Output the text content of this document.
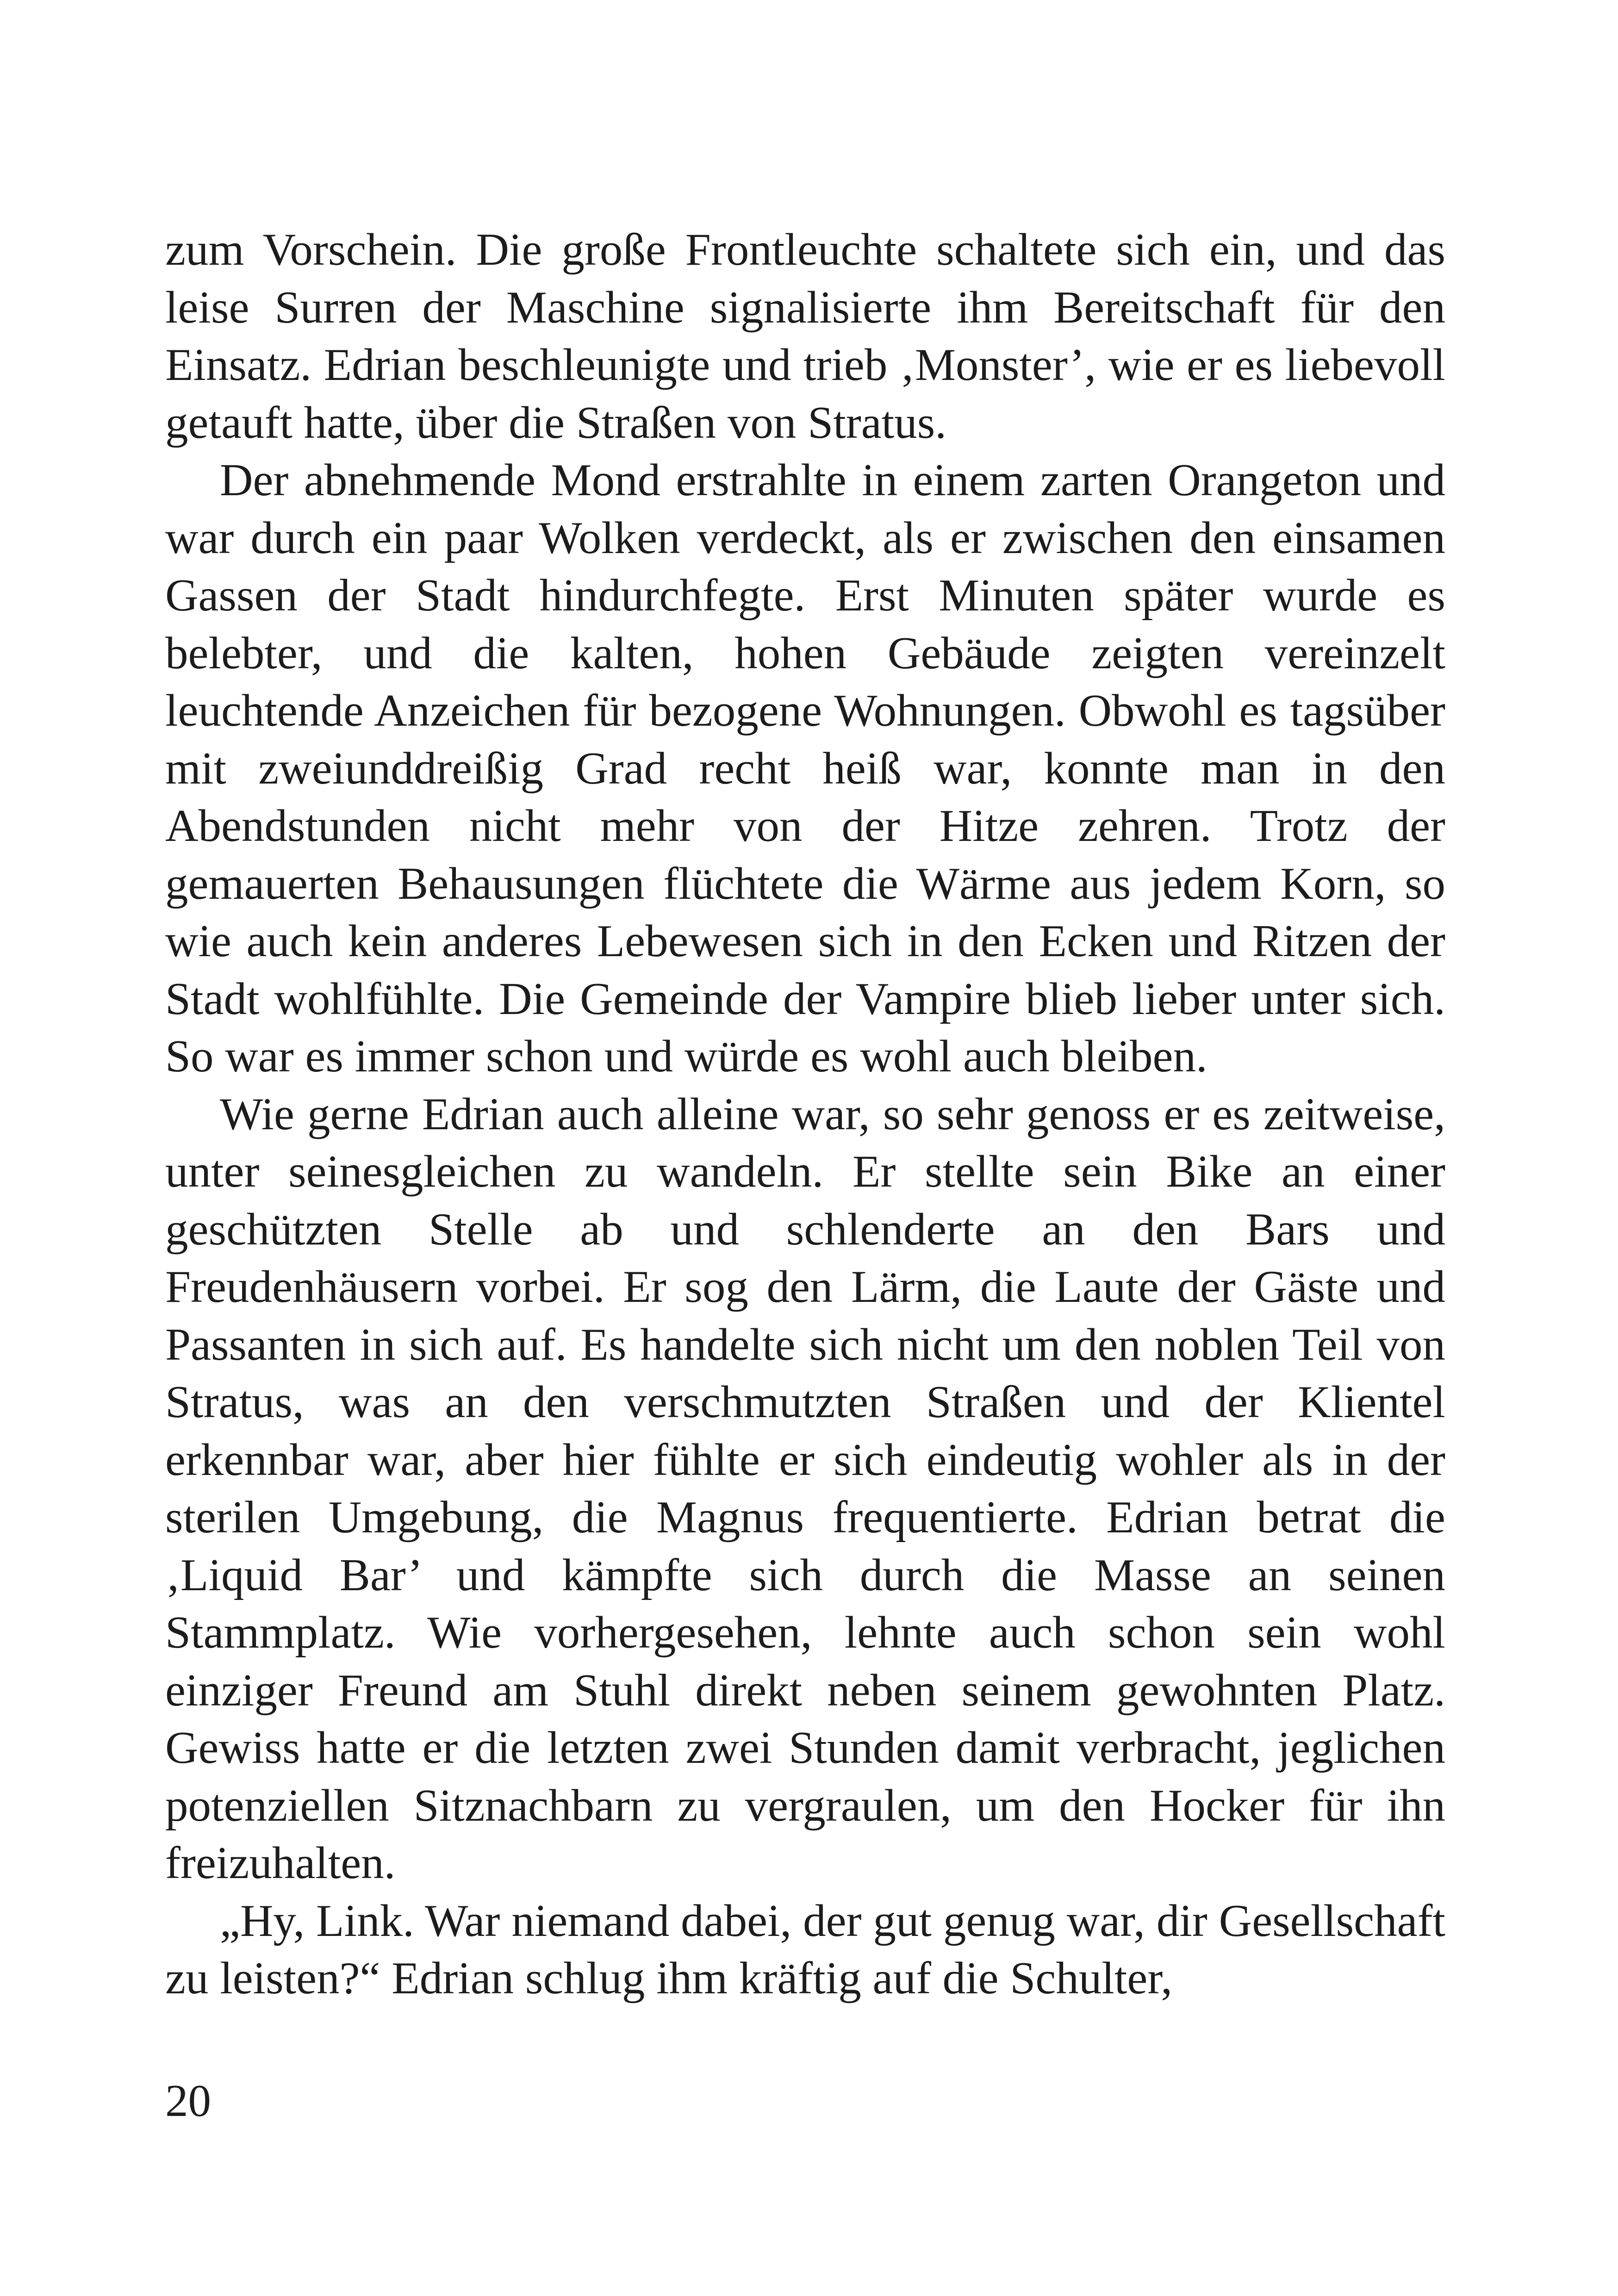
zum Vorschein. Die große Frontleuchte schaltete sich ein, und das leise Surren der Maschine signalisierte ihm Bereitschaft für den Einsatz. Edrian beschleunigte und trieb ‚Monster’, wie er es liebevoll getauft hatte, über die Straßen von Stratus.

Der abnehmende Mond erstrahlte in einem zarten Orangeton und war durch ein paar Wolken verdeckt, als er zwischen den einsamen Gassen der Stadt hindurchfegte. Erst Minuten später wurde es belebter, und die kalten, hohen Gebäude zeigten vereinzelt leuchtende Anzeichen für bezogene Wohnungen. Obwohl es tagsüber mit zweiunddreißig Grad recht heiß war, konnte man in den Abendstunden nicht mehr von der Hitze zehren. Trotz der gemauerten Behausungen flüchtete die Wärme aus jedem Korn, so wie auch kein anderes Lebewesen sich in den Ecken und Ritzen der Stadt wohlfühlte. Die Gemeinde der Vampire blieb lieber unter sich. So war es immer schon und würde es wohl auch bleiben.

Wie gerne Edrian auch alleine war, so sehr genoss er es zeitweise, unter seinesgleichen zu wandeln. Er stellte sein Bike an einer geschützten Stelle ab und schlenderte an den Bars und Freudenhäusern vorbei. Er sog den Lärm, die Laute der Gäste und Passanten in sich auf. Es handelte sich nicht um den noblen Teil von Stratus, was an den verschmutzten Straßen und der Klientel erkennbar war, aber hier fühlte er sich eindeutig wohler als in der sterilen Umgebung, die Magnus frequentierte. Edrian betrat die ‚Liquid Bar’ und kämpfte sich durch die Masse an seinen Stammplatz. Wie vorhergesehen, lehnte auch schon sein wohl einziger Freund am Stuhl direkt neben seinem gewohnten Platz. Gewiss hatte er die letzten zwei Stunden damit verbracht, jeglichen potenziellen Sitznachbarn zu vergraulen, um den Hocker für ihn freizuhalten.

„Hy, Link. War niemand dabei, der gut genug war, dir Gesellschaft zu leisten?“ Edrian schlug ihm kräftig auf die Schulter,

20
